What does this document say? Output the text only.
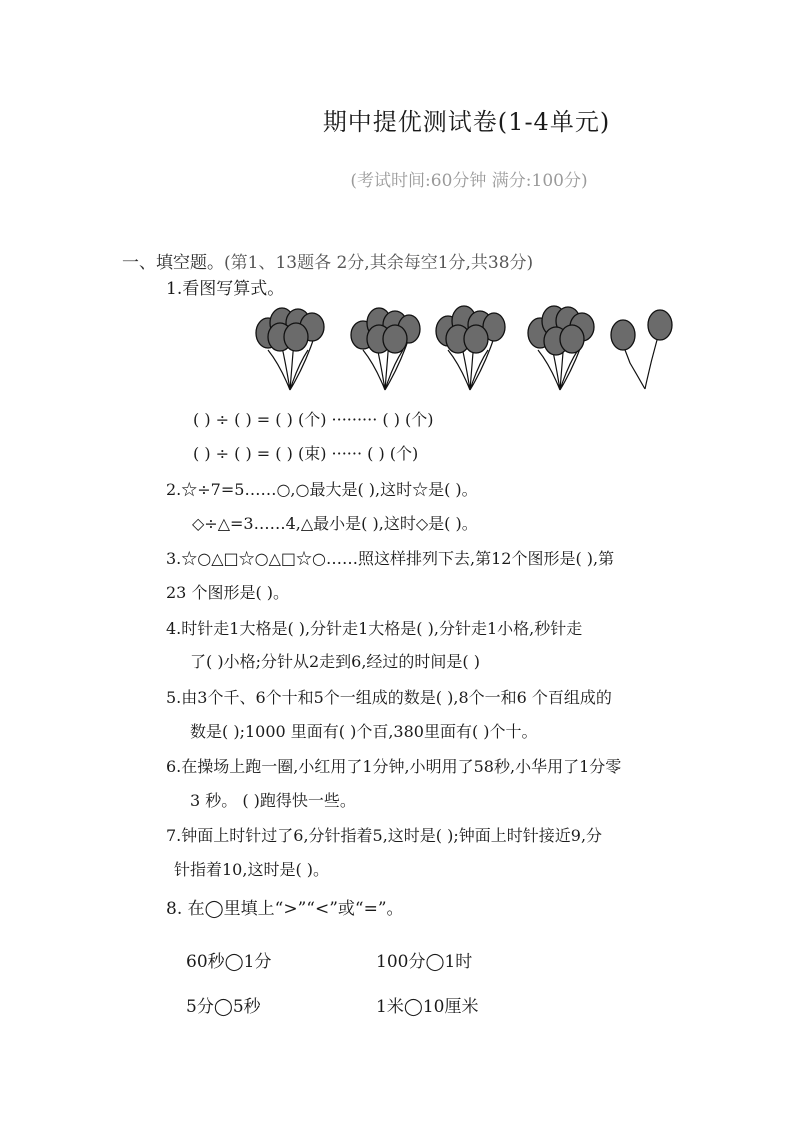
期中提优测试卷(1-4单元)
(考试时间:60分钟 满分:100分)
一、填空题。(第1、13题各 2分,其余每空1分,共38分)
1.看图写算式。
( ) ÷ ( ) = ( ) (个) ········· ( ) (个)
( ) ÷ ( ) = ( ) (束) ······ ( ) (个)
2.☆÷7=5……○,○最大是( ),这时☆是( )。
◇÷△=3……4,△最小是( ),这时◇是( )。
3.☆○△□☆○△□☆○……照这样排列下去,第12个图形是( ),第
23 个图形是( )。
4.时针走1大格是( ),分针走1大格是( ),分针走1小格,秒针走
了( )小格;分针从2走到6,经过的时间是( )
5.由3个千、6个十和5个一组成的数是( ),8个一和6 个百组成的
数是( );1000 里面有( )个百,380里面有( )个十。
6.在操场上跑一圈,小红用了1分钟,小明用了58秒,小华用了1分零
3 秒。 ( )跑得快一些。
7.钟面上时针过了6,分针指着5,这时是( );钟面上时针接近9,分
针指着10,这时是( )。
8. 在◯里填上“>”“<”或“=”。
60秒◯1分	100分◯1时
5分◯5秒	1米◯10厘米
